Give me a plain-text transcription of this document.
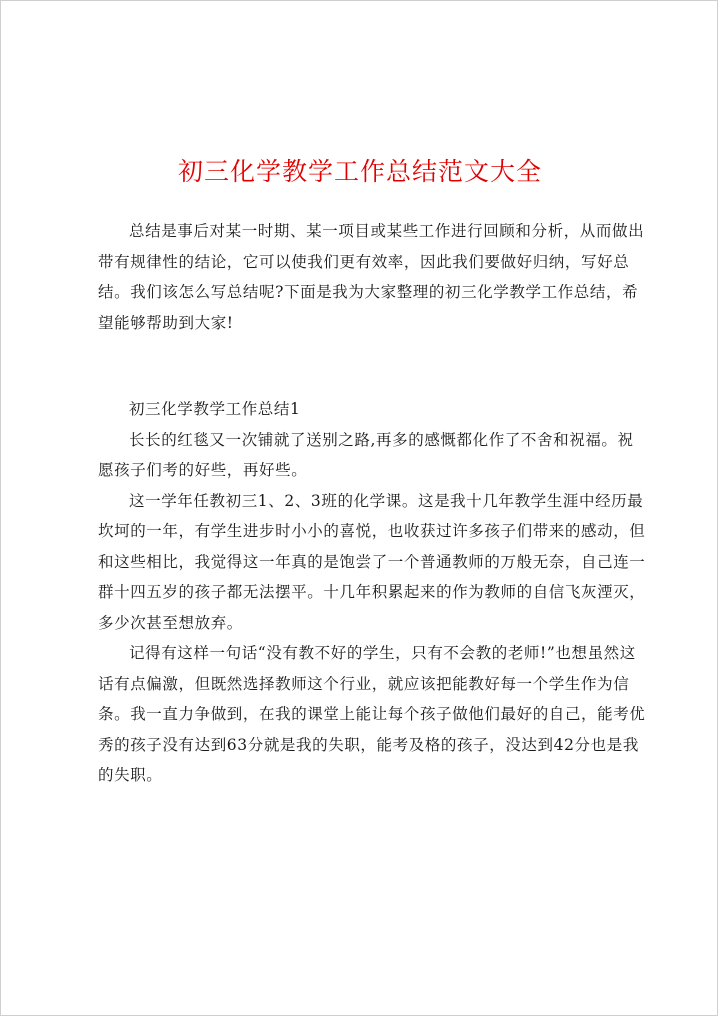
初三化学教学工作总结范文大全

总结是事后对某一时期、某一项目或某些工作进行回顾和分析，从而做出带有规律性的结论，它可以使我们更有效率，因此我们要做好归纳，写好总结。我们该怎么写总结呢?下面是我为大家整理的初三化学教学工作总结，希望能够帮助到大家!

初三化学教学工作总结1

长长的红毯又一次铺就了送别之路,再多的感慨都化作了不舍和祝福。祝愿孩子们考的好些，再好些。

这一学年任教初三1、2、3班的化学课。这是我十几年教学生涯中经历最坎坷的一年，有学生进步时小小的喜悦，也收获过许多孩子们带来的感动，但和这些相比，我觉得这一年真的是饱尝了一个普通教师的万般无奈，自己连一群十四五岁的孩子都无法摆平。十几年积累起来的作为教师的自信飞灰湮灭，多少次甚至想放弃。

记得有这样一句话“没有教不好的学生，只有不会教的老师!”也想虽然这话有点偏激，但既然选择教师这个行业，就应该把能教好每一个学生作为信条。我一直力争做到，在我的课堂上能让每个孩子做他们最好的自己，能考优秀的孩子没有达到63分就是我的失职，能考及格的孩子，没达到42分也是我的失职。
